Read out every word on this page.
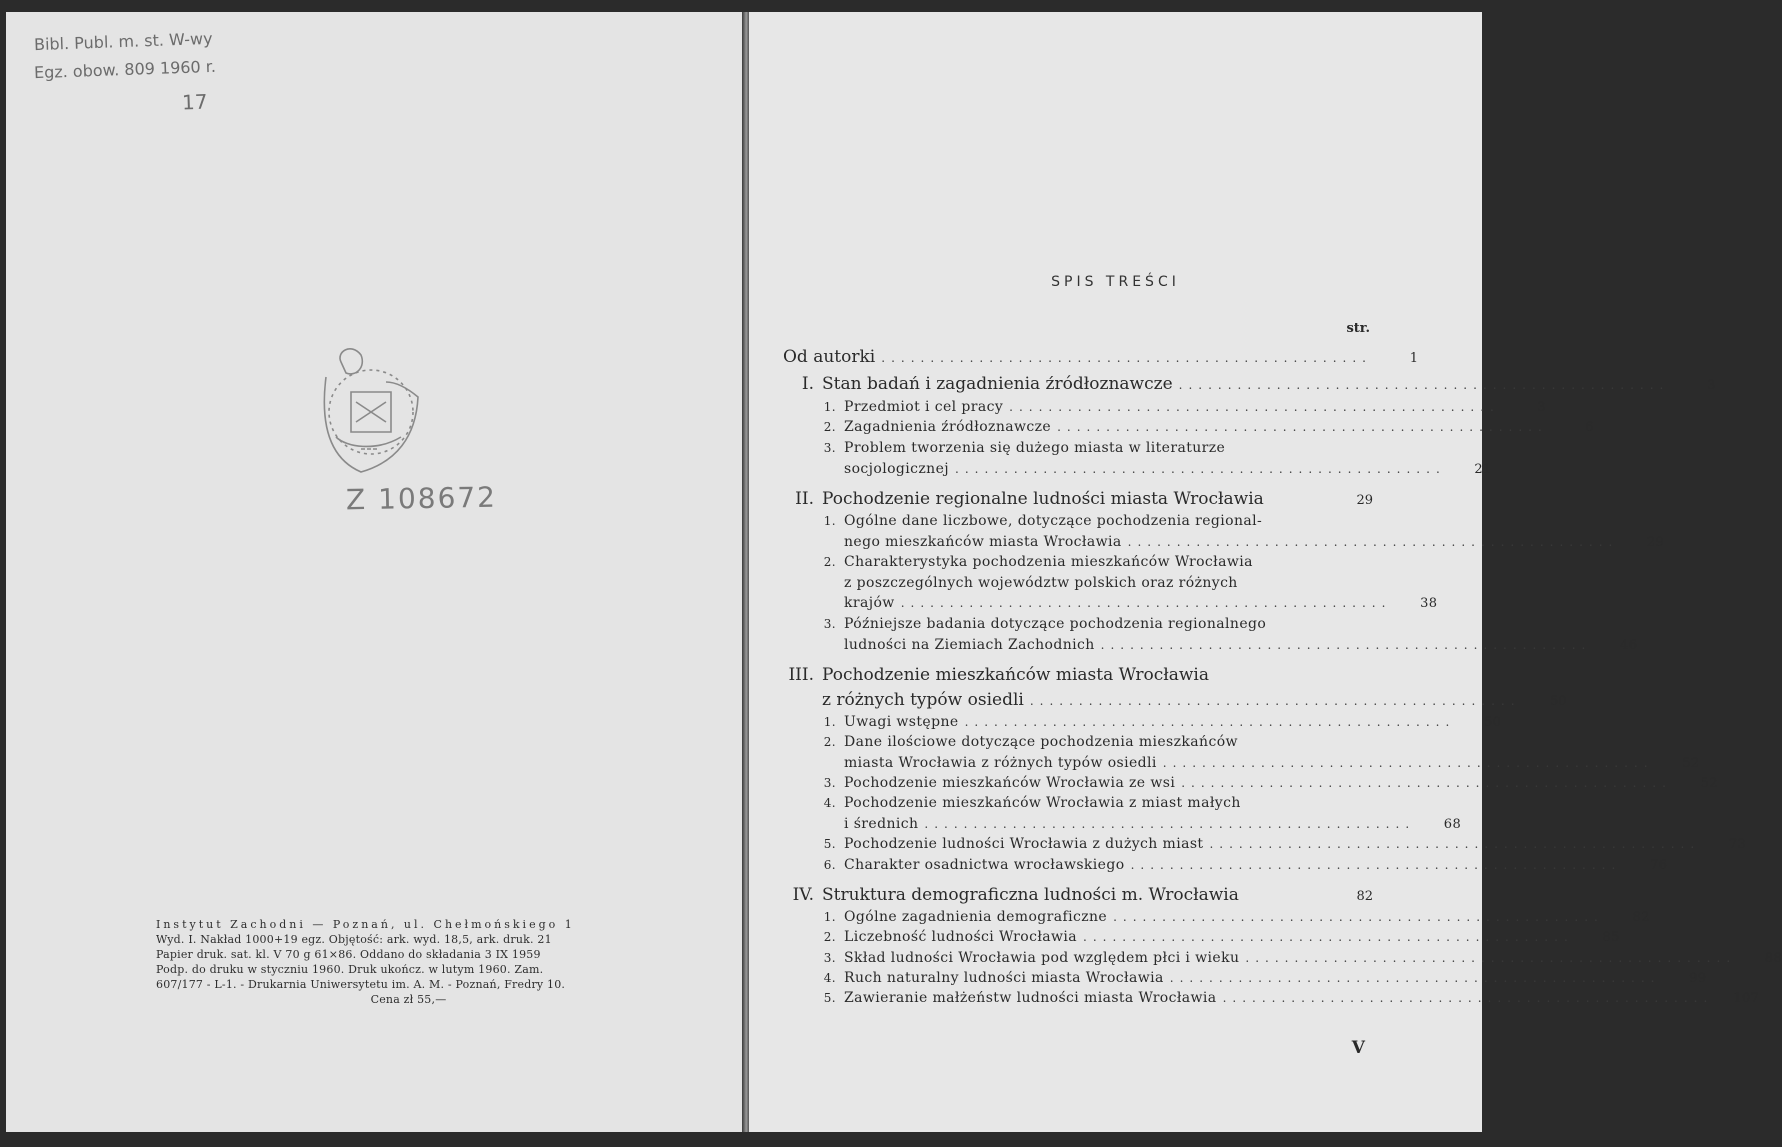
Bibl. Publ. m. st. W-wy
Egz. obow. 809 1960 r.
17
Z 108672
Instytut Zachodni — Poznań, ul. Chełmońskiego 1
Wyd. I. Nakład 1000+19 egz. Objętość: ark. wyd. 18,5, ark. druk. 21
Papier druk. sat. kl. V 70 g 61×86. Oddano do składania 3 IX 1959
Podp. do druku w styczniu 1960. Druk ukończ. w lutym 1960. Zam.
607/177 - L-1. - Drukarnia Uniwersytetu im. A. M. - Poznań, Fredry 10.
Cena zł 55,—
SPIS TREŚCI
str.
Od autorki ..................................................	1
I. Stan badań i zagadnienia źródłoznawcze ..................................................	3
1. Przedmiot i cel pracy ..................................................	3
2. Zagadnienia źródłoznawcze ..................................................	6
3. Problem tworzenia się dużego miasta w literaturze
socjologicznej ..................................................	21
II. Pochodzenie regionalne ludności miasta Wrocławia	29
1. Ogólne dane liczbowe, dotyczące pochodzenia regional-
nego mieszkańców miasta Wrocławia ..................................................	29
2. Charakterystyka pochodzenia mieszkańców Wrocławia
z poszczególnych województw polskich oraz różnych
krajów ..................................................	38
3. Późniejsze badania dotyczące pochodzenia regionalnego
ludności na Ziemiach Zachodnich ..................................................	46
III. Pochodzenie mieszkańców miasta Wrocławia
z różnych typów osiedli ..................................................	50
1. Uwagi wstępne ..................................................	50
2. Dane ilościowe dotyczące pochodzenia mieszkańców
miasta Wrocławia z różnych typów osiedli ..................................................	52
3. Pochodzenie mieszkańców Wrocławia ze wsi ..................................................	52
4. Pochodzenie mieszkańców Wrocławia z miast małych
i średnich ..................................................	68
5. Pochodzenie ludności Wrocławia z dużych miast ..................................................	73
6. Charakter osadnictwa wrocławskiego ..................................................	76
IV. Struktura demograficzna ludności m. Wrocławia	82
1. Ogólne zagadnienia demograficzne ..................................................	82
2. Liczebność ludności Wrocławia ..................................................	85
3. Skład ludności Wrocławia pod względem płci i wieku ..................................................	88
4. Ruch naturalny ludności miasta Wrocławia ..................................................	99
5. Zawieranie małżeństw ludności miasta Wrocławia ..................................................	107
V
